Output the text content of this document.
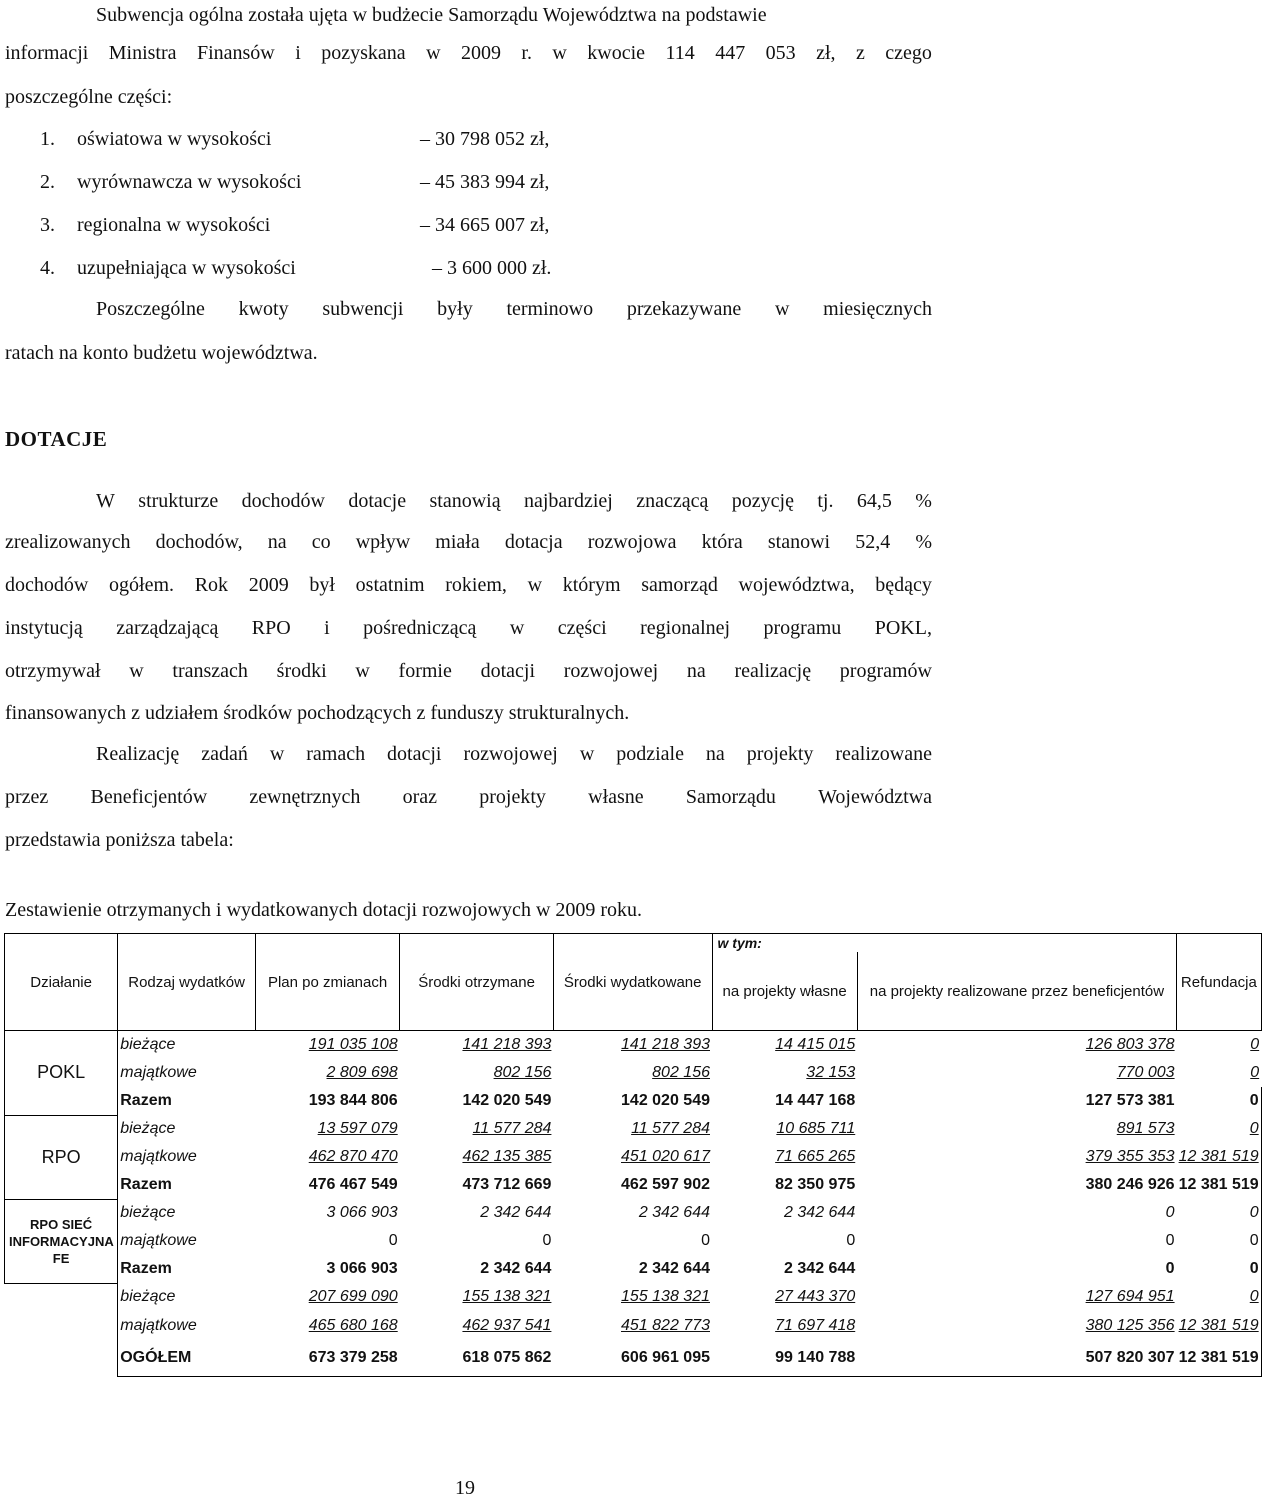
Subwencja ogólna została ujęta w budżecie Samorządu Województwa na podstawie
informacji Ministra Finansów i pozyskana w 2009 r. w kwocie 114 447 053 zł, z czego
poszczególne części:
1. oświatowa w wysokości	– 30 798 052 zł,
2. wyrównawcza w wysokości	– 45 383 994 zł,
3. regionalna w wysokości	– 34 665 007 zł,
4. uzupełniająca w wysokości	– 3 600 000 zł.
Poszczególne kwoty subwencji były terminowo przekazywane w miesięcznych
ratach na konto budżetu województwa.
DOTACJE
W strukturze dochodów dotacje stanowią najbardziej znaczącą pozycję tj. 64,5 %
zrealizowanych dochodów, na co wpływ miała dotacja rozwojowa która stanowi 52,4 %
dochodów ogółem. Rok 2009 był ostatnim rokiem, w którym samorząd województwa, będący
instytucją zarządzającą RPO i pośredniczącą w części regionalnej programu POKL,
otrzymywał w transzach środki w formie dotacji rozwojowej na realizację programów
finansowanych z udziałem środków pochodzących z funduszy strukturalnych.
Realizację zadań w ramach dotacji rozwojowej w podziale na projekty realizowane
przez Beneficjentów zewnętrznych oraz projekty własne Samorządu Województwa
przedstawia poniższa tabela:
Zestawienie otrzymanych i wydatkowanych dotacji rozwojowych w 2009 roku.
Działanie	Rodzaj wydatków	Plan po zmianach	Środki otrzymane	Środki wydatkowane	w tym:		Refundacja
					na projekty własne	na projekty realizowane przez beneficjentów	
POKL	bieżące	191 035 108	141 218 393	141 218 393	14 415 015	126 803 378	0
	majątkowe	2 809 698	802 156	802 156	32 153	770 003	0
	Razem	193 844 806	142 020 549	142 020 549	14 447 168	127 573 381	0
RPO	bieżące	13 597 079	11 577 284	11 577 284	10 685 711	891 573	0
	majątkowe	462 870 470	462 135 385	451 020 617	71 665 265	379 355 353	12 381 519
	Razem	476 467 549	473 712 669	462 597 902	82 350 975	380 246 926	12 381 519
RPO SIEĆ INFORMACYJNA FE	bieżące	3 066 903	2 342 644	2 342 644	2 342 644	0	0
	majątkowe	0	0	0	0	0	0
	Razem	3 066 903	2 342 644	2 342 644	2 342 644	0	0
	bieżące	207 699 090	155 138 321	155 138 321	27 443 370	127 694 951	0
	majątkowe	465 680 168	462 937 541	451 822 773	71 697 418	380 125 356	12 381 519
	OGÓŁEM	673 379 258	618 075 862	606 961 095	99 140 788	507 820 307	12 381 519
19
